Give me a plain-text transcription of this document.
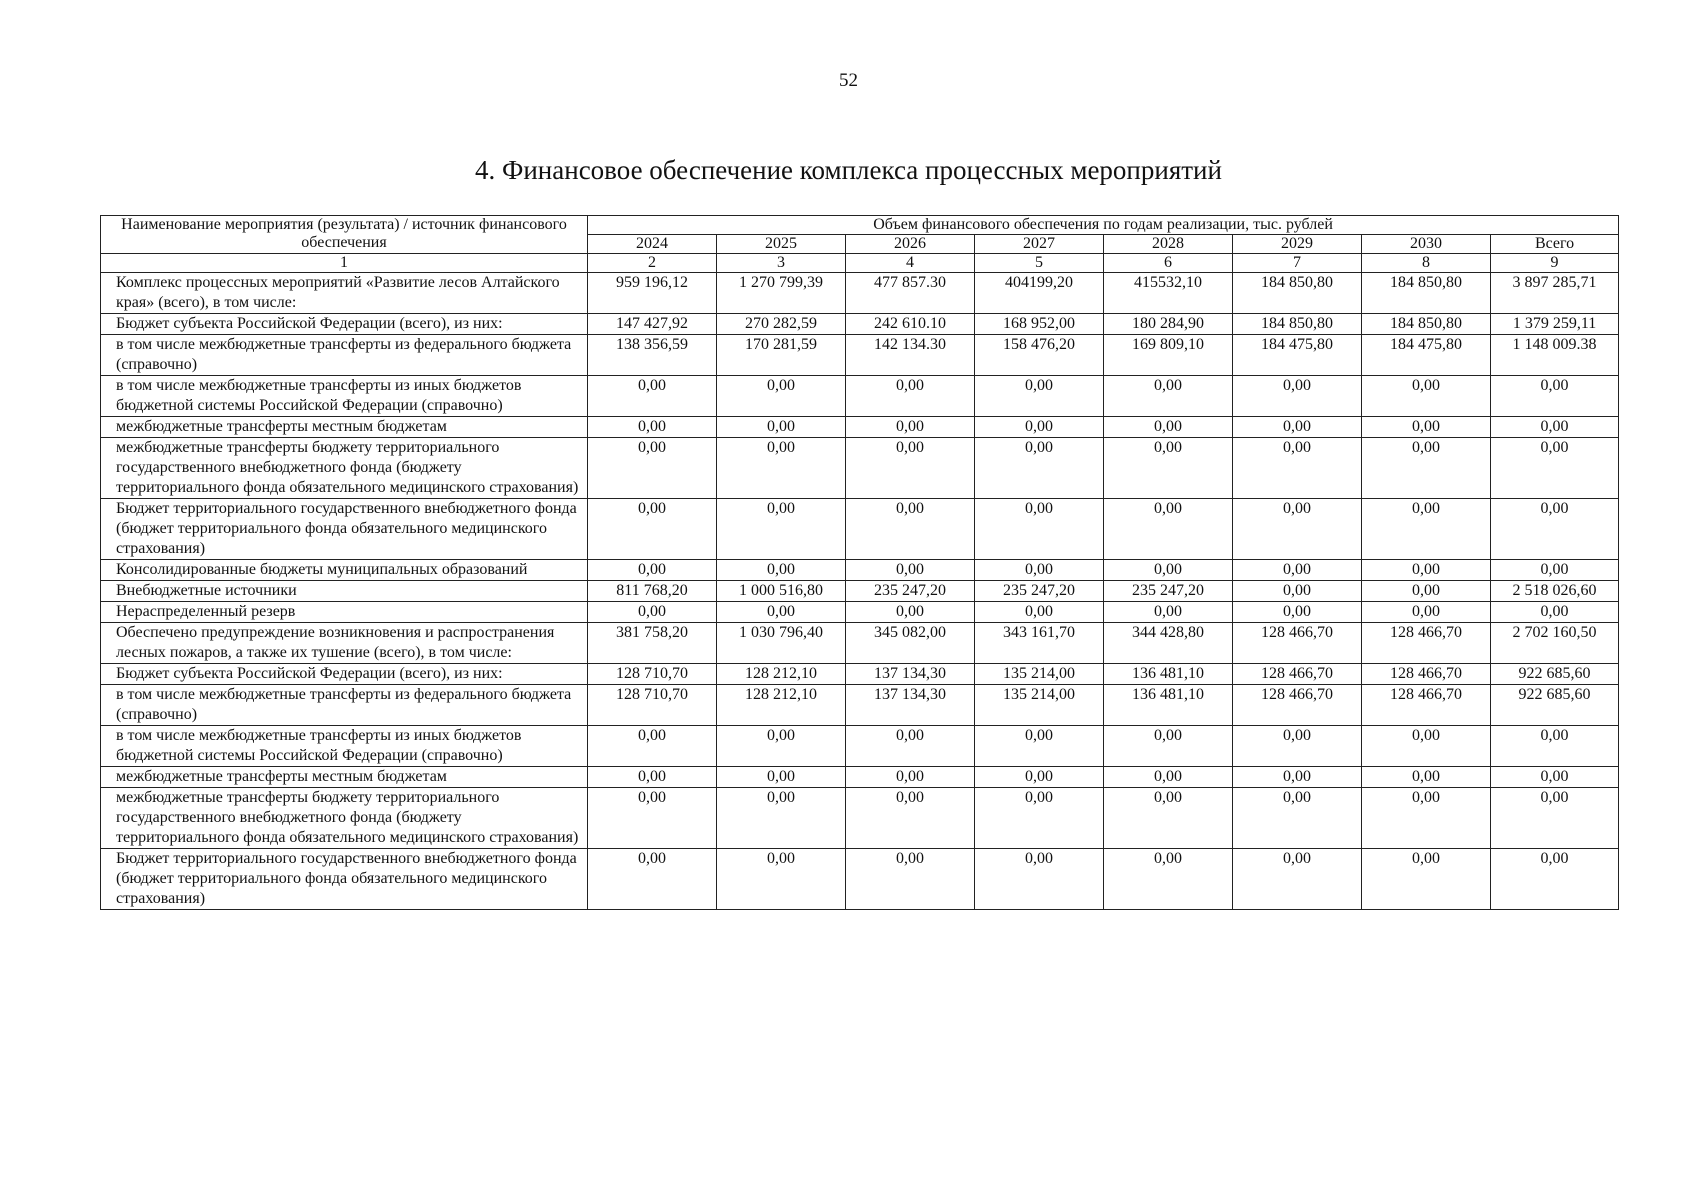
52
4. Финансовое обеспечение комплекса процессных мероприятий
Наименование мероприятия (результата) / источник финансового обеспечения	Объем финансового обеспечения по годам реализации, тыс. рублей							
	2024	2025	2026	2027	2028	2029	2030	Всего
1	2	3	4	5	6	7	8	9
Комплекс процессных мероприятий «Развитие лесов Алтайского края» (всего), в том числе:	959 196,12	1 270 799,39	477 857.30	404199,20	415532,10	184 850,80	184 850,80	3 897 285,71
Бюджет субъекта Российской Федерации (всего), из них:	147 427,92	270 282,59	242 610.10	168 952,00	180 284,90	184 850,80	184 850,80	1 379 259,11
в том числе межбюджетные трансферты из федерального бюджета (справочно)	138 356,59	170 281,59	142 134.30	158 476,20	169 809,10	184 475,80	184 475,80	1 148 009.38
в том числе межбюджетные трансферты из иных бюджетов бюджетной системы Российской Федерации (справочно)	0,00	0,00	0,00	0,00	0,00	0,00	0,00	0,00
межбюджетные трансферты местным бюджетам	0,00	0,00	0,00	0,00	0,00	0,00	0,00	0,00
межбюджетные трансферты бюджету территориального государственного внебюджетного фонда (бюджету территориального фонда обязательного медицинского страхования)	0,00	0,00	0,00	0,00	0,00	0,00	0,00	0,00
Бюджет территориального государственного внебюджетного фонда (бюджет территориального фонда обязательного медицинского страхования)	0,00	0,00	0,00	0,00	0,00	0,00	0,00	0,00
Консолидированные бюджеты муниципальных образований	0,00	0,00	0,00	0,00	0,00	0,00	0,00	0,00
Внебюджетные источники	811 768,20	1 000 516,80	235 247,20	235 247,20	235 247,20	0,00	0,00	2 518 026,60
Нераспределенный резерв	0,00	0,00	0,00	0,00	0,00	0,00	0,00	0,00
Обеспечено предупреждение возникновения и распространения лесных пожаров, а также их тушение (всего), в том числе:	381 758,20	1 030 796,40	345 082,00	343 161,70	344 428,80	128 466,70	128 466,70	2 702 160,50
Бюджет субъекта Российской Федерации (всего), из них:	128 710,70	128 212,10	137 134,30	135 214,00	136 481,10	128 466,70	128 466,70	922 685,60
в том числе межбюджетные трансферты из федерального бюджета (справочно)	128 710,70	128 212,10	137 134,30	135 214,00	136 481,10	128 466,70	128 466,70	922 685,60
в том числе межбюджетные трансферты из иных бюджетов бюджетной системы Российской Федерации (справочно)	0,00	0,00	0,00	0,00	0,00	0,00	0,00	0,00
межбюджетные трансферты местным бюджетам	0,00	0,00	0,00	0,00	0,00	0,00	0,00	0,00
межбюджетные трансферты бюджету территориального государственного внебюджетного фонда (бюджету территориального фонда обязательного медицинского страхования)	0,00	0,00	0,00	0,00	0,00	0,00	0,00	0,00
Бюджет территориального государственного внебюджетного фонда (бюджет территориального фонда обязательного медицинского страхования)	0,00	0,00	0,00	0,00	0,00	0,00	0,00	0,00
